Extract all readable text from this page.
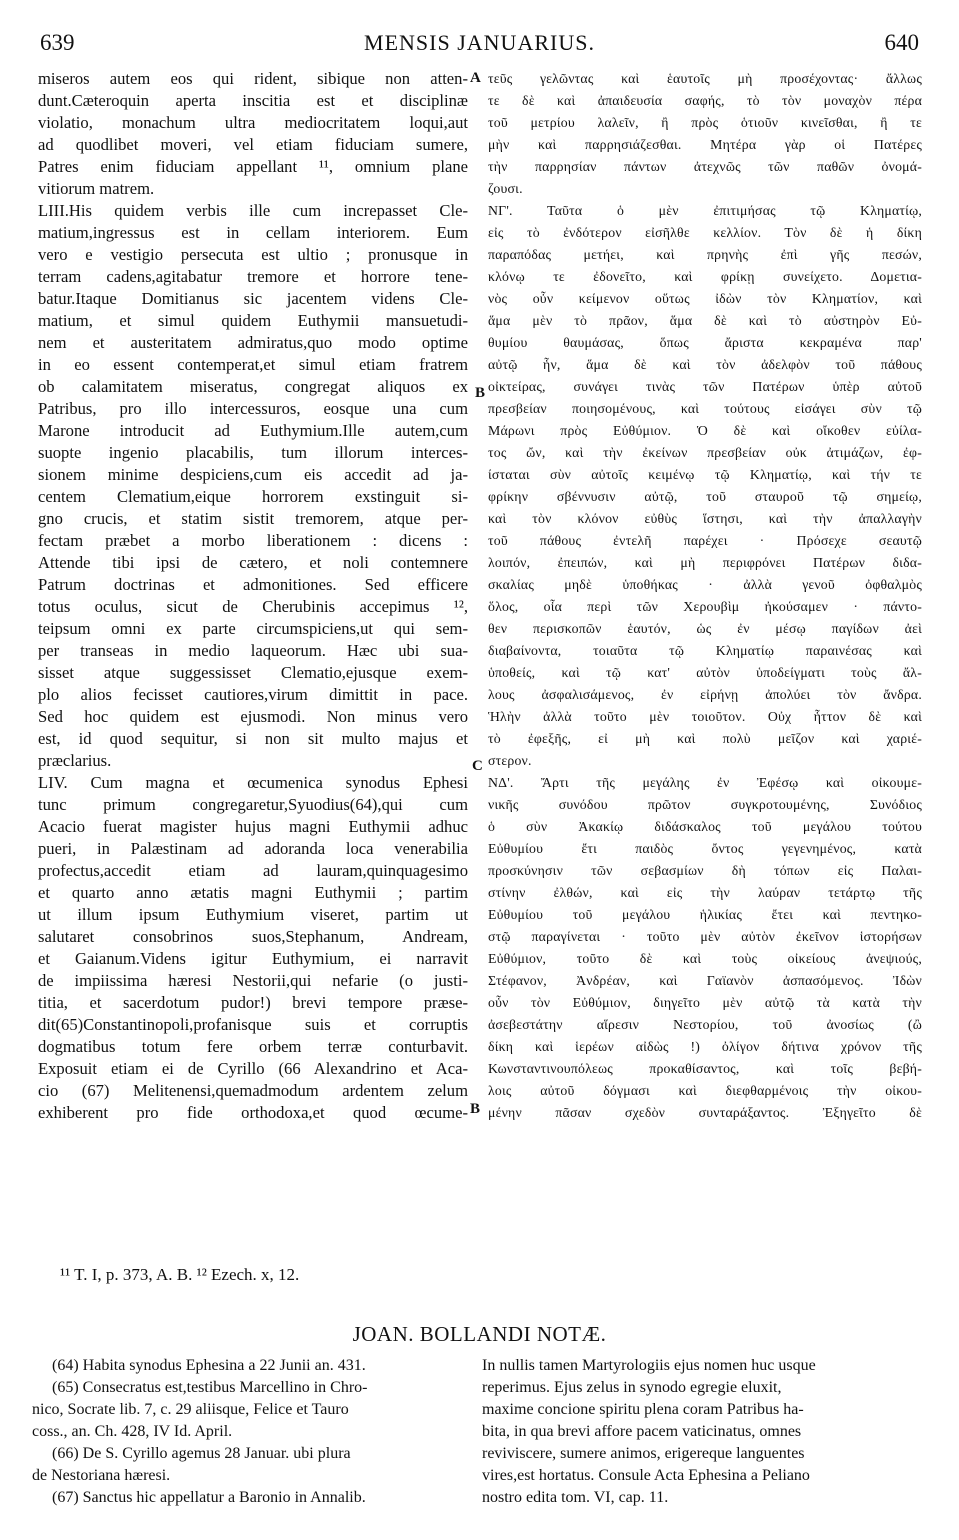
639	MENSIS JANUARIUS.	640
miseros autem eos qui rident, sibique non atten-
dunt.Cæteroquin aperta inscitia est et disciplinæ
violatio, monachum ultra mediocritatem loqui,aut
ad quodlibet moveri, vel etiam fiduciam sumere,
Patres enim fiduciam appellant ¹¹, omnium plane
vitiorum matrem.
LIII.His quidem verbis ille cum increpasset Cle-
matium,ingressus est in cellam interiorem. Eum
vero e vestigio persecuta est ultio ; pronusque in
terram cadens,agitabatur tremore et horrore tene-
batur.Itaque Domitianus sic jacentem videns Cle-
matium, et simul quidem Euthymii mansuetudi-
nem et austeritatem admiratus,quo modo optime
in eo essent contemperat,et simul etiam fratrem
ob calamitatem miseratus, congregat aliquos ex
Patribus, pro illo intercessuros, eosque una cum
Marone introducit ad Euthymium.Ille autem,cum
suopte ingenio placabilis, tum illorum interces-
sionem minime despiciens,cum eis accedit ad ja-
centem Clematium,eique horrorem exstinguit si-
gno crucis, et statim sistit tremorem, atque per-
fectam præbet a morbo liberationem : dicens :
Attende tibi ipsi de cætero, et noli contemnere
Patrum doctrinas et admonitiones. Sed efficere
totus oculus, sicut de Cherubinis accepimus ¹²,
teipsum omni ex parte circumspiciens,ut qui sem-
per transeas in medio laqueorum. Hæc ubi sua-
sisset atque suggessisset Clematio,ejusque exem-
plo alios fecisset cautiores,virum dimittit in pace.
Sed hoc quidem est ejusmodi. Non minus vero
est, id quod sequitur, si non sit multo majus et
præclarius.
LIV. Cum magna et œcumenica synodus Ephesi
tunc primum congregaretur,Syuodius(64),qui cum
Acacio fuerat magister hujus magni Euthymii adhuc
pueri, in Palæstinam ad adoranda loca venerabilia
profectus,accedit etiam ad lauram,quinquagesimo
et quarto anno ætatis magni Euthymii ; partim
ut illum ipsum Euthymium viseret, partim ut
salutaret consobrinos suos,Stephanum, Andream,
et Gaianum.Videns igitur Euthymium, ei narravit
de impiissima hæresi Nestorii,qui nefarie (o justi-
titia, et sacerdotum pudor!) brevi tempore præse-
dit(65)Constantinopoli,profanisque suis et corruptis
dogmatibus totum fere orbem terræ conturbavit.
Exposuit etiam ei de Cyrillo (66 Alexandrino et Aca-
cio (67) Melitenensi,quemadmodum ardentem zelum
exhiberent pro fide orthodoxa,et quod œcume-
τεῦς γελῶντας καὶ ἑαυτοῖς μὴ προσέχοντας· ἄλλως
τε δὲ καὶ ἀπαιδευσία σαφής, τὸ τὸν μοναχὸν πέρα
τοῦ μετρίου λαλεῖν, ἢ πρὸς ὁτιοῦν κινεῖσθαι, ἢ τε
μὴν καὶ παρρησιάζεσθαι. Μητέρα γὰρ οἱ Πατέρες
τὴν παρρησίαν πάντων ἀτεχνῶς τῶν παθῶν ὀνομά-
ζουσι.
ΝΓ'. Ταῦτα ὁ μὲν ἐπιτιμήσας τῷ Κληματίῳ,
εἰς τὸ ἐνδότερον εἰσῆλθε κελλίον. Τὸν δὲ ἡ δίκη
παραπόδας μετήει, καὶ πρηνὴς ἐπὶ γῆς πεσών,
κλόνῳ τε ἐδονεῖτο, καὶ φρίκῃ συνείχετο. Δομετια-
νὸς οὖν κείμενον οὕτως ἰδὼν τὸν Κληματίον, καὶ
ἅμα μὲν τὸ πρᾶον, ἅμα δὲ καὶ τὸ αὐστηρὸν Εὐ-
θυμίου θαυμάσας, ὅπως ἄριστα κεκραμένα παρ'
αὐτῷ ἦν, ἅμα δὲ καὶ τὸν ἀδελφὸν τοῦ πάθους
οἰκτείρας, συνάγει τινὰς τῶν Πατέρων ὑπὲρ αὐτοῦ
πρεσβείαν ποιησομένους, καὶ τούτους εἰσάγει σὺν τῷ
Μάρωνι πρὸς Εὐθύμιον. Ὁ δὲ καὶ οἴκοθεν εὐίλα-
τος ὤν, καὶ τὴν ἐκείνων πρεσβείαν οὐκ ἀτιμάζων, ἐφ-
ίσταται σὺν αὐτοῖς κειμένῳ τῷ Κληματίῳ, καὶ τήν τε
φρίκην σβέννυσιν αὐτῷ, τοῦ σταυροῦ τῷ σημείῳ,
καὶ τὸν κλόνον εὐθὺς ἵστησι, καὶ τὴν ἀπαλλαγὴν
τοῦ πάθους ἐντελῆ παρέχει · Πρόσεχε σεαυτῷ
λοιπόν, ἐπειπών, καὶ μὴ περιφρόνει Πατέρων διδα-
σκαλίας μηδὲ ὑποθήκας · ἀλλὰ γενοῦ ὀφθαλμὸς
ὅλος, οἷα περὶ τῶν Χερουβὶμ ἠκούσαμεν · πάντο-
θεν περισκοπῶν ἑαυτόν, ὡς ἐν μέσῳ παγίδων ἀεὶ
διαβαίνοντα, τοιαῦτα τῷ Κληματίῳ παραινέσας καὶ
ὑποθείς, καὶ τῷ κατ' αὐτὸν ὑποδείγματι τοὺς ἄλ-
λους ἀσφαλισάμενος, ἐν εἰρήνῃ ἀπολύει τὸν ἄνδρα.
Ἡλὴν ἀλλὰ τοῦτο μὲν τοιοῦτον. Οὐχ ἧττον δὲ καὶ
τὸ ἐφεξῆς, εἰ μὴ καὶ πολὺ μεῖζον καὶ χαριέ-
στερον.
ΝΔ'. Ἄρτι τῆς μεγάλης ἐν Ἐφέσῳ καὶ οἰκουμε-
νικῆς συνόδου πρῶτον συγκροτουμένης, Συνόδιος
ὁ σὺν Ἀκακίῳ διδάσκαλος τοῦ μεγάλου τούτου
Εὐθυμίου ἔτι παιδὸς ὄντος γεγενημένος, κατὰ
προσκύνησιν τῶν σεβασμίων δὴ τόπων εἰς Παλαι-
στίνην ἐλθών, καὶ εἰς τὴν λαύραν τετάρτῳ τῆς
Εὐθυμίου τοῦ μεγάλου ἡλικίας ἔτει καὶ πεντηκο-
στῷ παραγίνεται · τοῦτο μὲν αὐτὸν ἐκεῖνον ἱστορήσων
Εὐθύμιον, τοῦτο δὲ καὶ τοὺς οἰκείους ἀνεψιούς,
Στέφανον, Ἀνδρέαν, καὶ Γαϊανὸν ἀσπασόμενος. Ἰδὼν
οὖν τὸν Εὐθύμιον, διηγεῖτο μὲν αὐτῷ τὰ κατὰ τὴν
ἀσεβεστάτην αἵρεσιν Νεστορίου, τοῦ ἀνοσίως (ὢ
δίκη καὶ ἱερέων αἰδὼς !) ὀλίγον δήτινα χρόνον τῆς
Κωνσταντινουπόλεως προκαθίσαντος, καὶ τοῖς βεβή-
λοις αὐτοῦ δόγμασι καὶ διεφθαρμένοις τὴν οἰκου-
μένην πᾶσαν σχεδὸν συνταράξαντος. Ἐξηγεῖτο δὲ
A
B
C
B
¹¹ T. I, p. 373, A. B. ¹² Ezech. x, 12.
JOAN. BOLLANDI NOTÆ.
(64) Habita synodus Ephesina a 22 Junii an. 431.
(65) Consecratus est,testibus Marcellino in Chro-
nico, Socrate lib. 7, c. 29 aliisque, Felice et Tauro
coss., an. Ch. 428, IV Id. April.
(66) De S. Cyrillo agemus 28 Januar. ubi plura
de Nestoriana hæresi.
(67) Sanctus hic appellatur a Baronio in Annalib.
In nullis tamen Martyrologiis ejus nomen huc usque
reperimus. Ejus zelus in synodo egregie eluxit,
maxime concione spiritu plena coram Patribus ha-
bita, in qua brevi affore pacem vaticinatus, omnes
reviviscere, sumere animos, erigereque languentes
vires,est hortatus. Consule Acta Ephesina a Peliano
nostro edita tom. VI, cap. 11.
